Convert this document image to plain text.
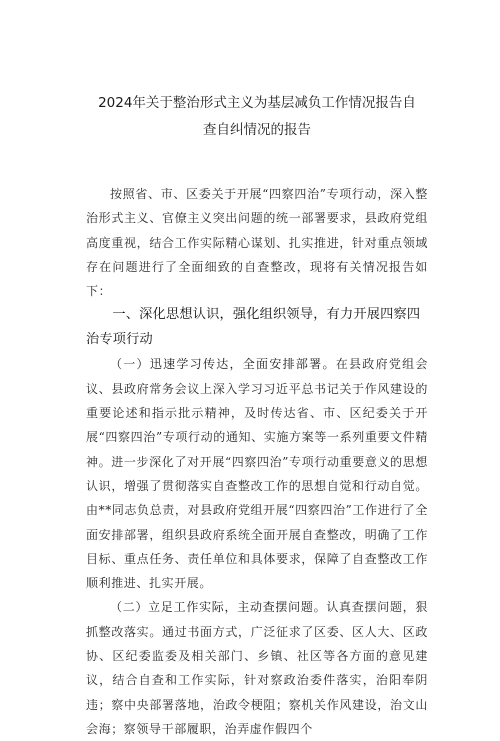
2024年关于整治形式主义为基层减负工作情况报告自
查自纠情况的报告

按照省、市、区委关于开展“四察四治”专项行动，深入整治形式主义、官僚主义突出问题的统一部署要求，县政府党组高度重视，结合工作实际精心谋划、扎实推进，针对重点领域存在问题进行了全面细致的自查整改，现将有关情况报告如下：

一、深化思想认识，强化组织领导，有力开展四察四治专项行动

（一）迅速学习传达，全面安排部署。在县政府党组会议、县政府常务会议上深入学习习近平总书记关于作风建设的重要论述和指示批示精神，及时传达省、市、区纪委关于开展“四察四治”专项行动的通知、实施方案等一系列重要文件精神。进一步深化了对开展“四察四治”专项行动重要意义的思想认识，增强了贯彻落实自查整改工作的思想自觉和行动自觉。由**同志负总责，对县政府党组开展“四察四治”工作进行了全面安排部署，组织县政府系统全面开展自查整改，明确了工作目标、重点任务、责任单位和具体要求，保障了自查整改工作顺利推进、扎实开展。

（二）立足工作实际，主动查摆问题。认真查摆问题，狠抓整改落实。通过书面方式，广泛征求了区委、区人大、区政协、区纪委监委及相关部门、乡镇、社区等各方面的意见建议，结合自查和工作实际，针对察政治委件落实，治阳奉阴违；察中央部署落地，治政令梗阻；察机关作风建设，治文山会海；察领导干部履职，治弄虚作假四个
